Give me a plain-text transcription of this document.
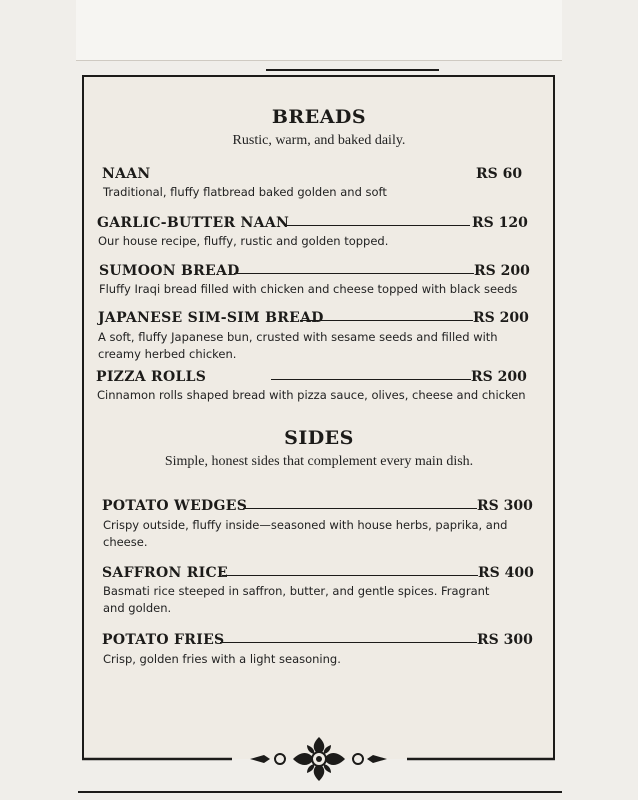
BREADS
Rustic, warm, and baked daily.
NAAN	RS 60
Traditional, fluffy flatbread baked golden and soft
GARLIC-BUTTER NAAN	RS 120
Our house recipe, fluffy, rustic and golden topped.
SUMOON BREAD	RS 200
Fluffy Iraqi bread filled with chicken and cheese topped with black seeds
JAPANESE SIM-SIM BREAD	RS 200
A soft, fluffy Japanese bun, crusted with sesame seeds and filled with creamy herbed chicken.
PIZZA ROLLS	RS 200
Cinnamon rolls shaped bread with pizza sauce, olives, cheese and chicken
SIDES
Simple, honest sides that complement every main dish.
POTATO WEDGES	RS 300
Crispy outside, fluffy inside—seasoned with house herbs, paprika, and cheese.
SAFFRON RICE	RS 400
Basmati rice steeped in saffron, butter, and gentle spices. Fragrant and golden.
POTATO FRIES	RS 300
Crisp, golden fries with a light seasoning.
